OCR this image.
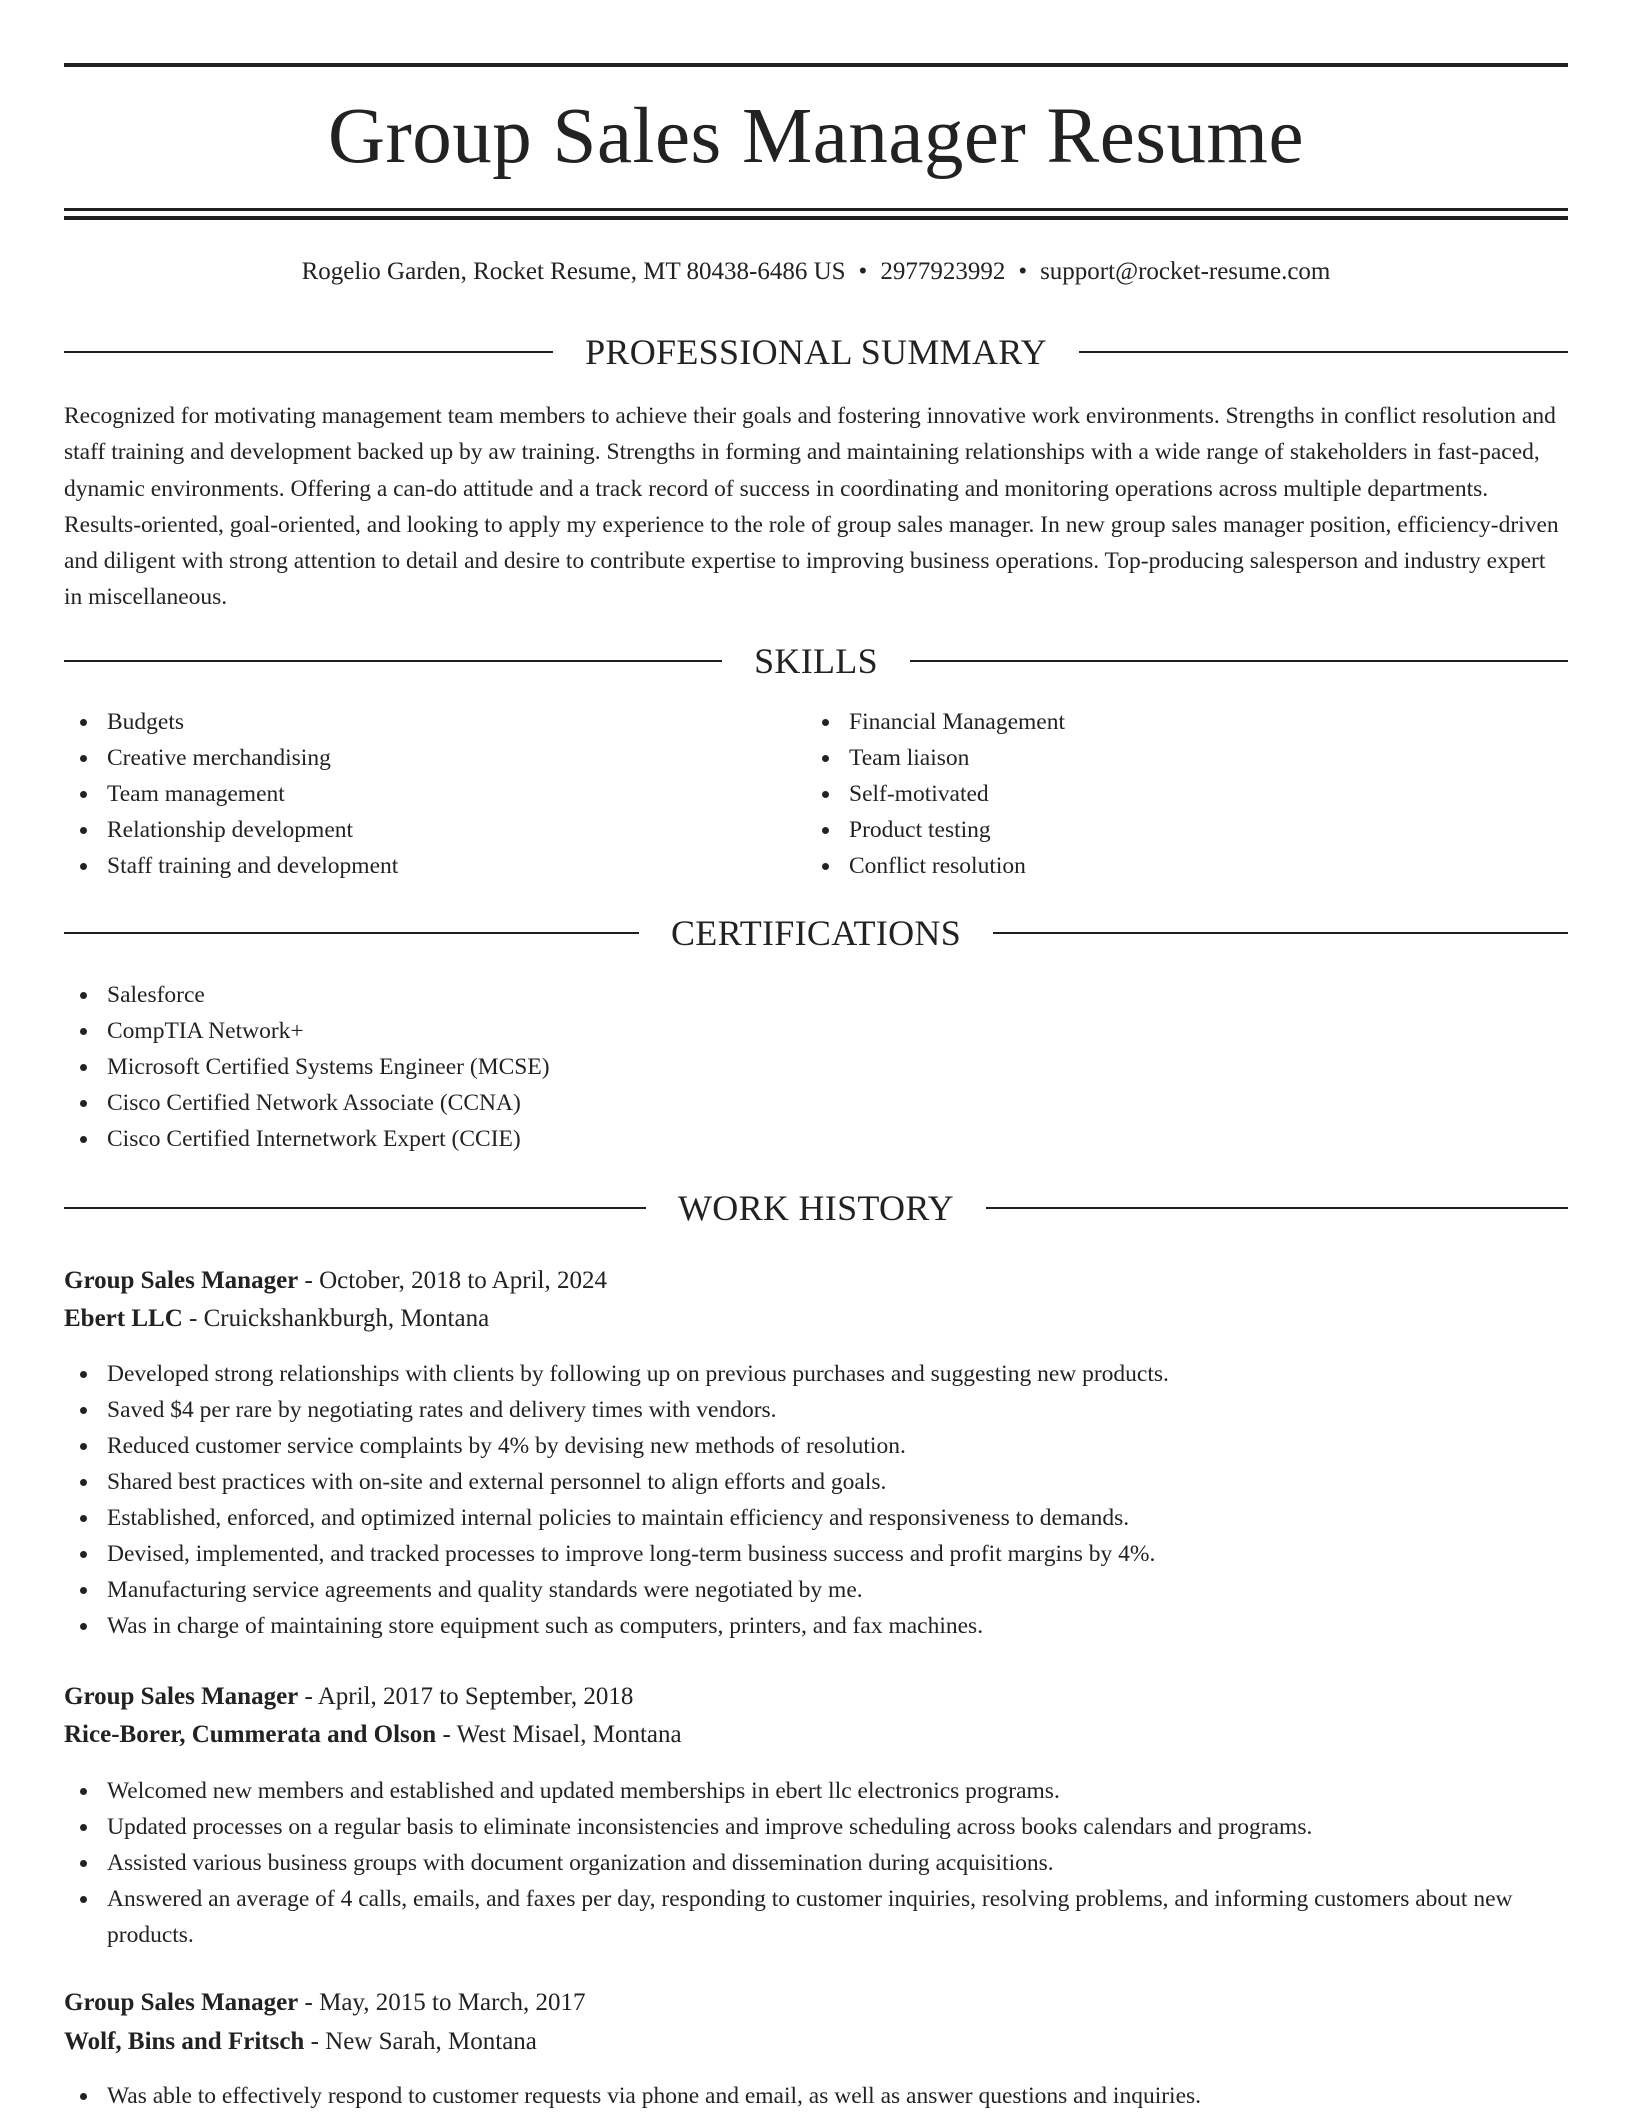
Group Sales Manager Resume
Rogelio Garden, Rocket Resume, MT 80438-6486 US • 2977923992 • support@rocket-resume.com
PROFESSIONAL SUMMARY

Recognized for motivating management team members to achieve their goals and fostering innovative work environments. Strengths in conflict resolution and staff training and development backed up by aw training. Strengths in forming and maintaining relationships with a wide range of stakeholders in fast-paced, dynamic environments. Offering a can-do attitude and a track record of success in coordinating and monitoring operations across multiple departments. Results-oriented, goal-oriented, and looking to apply my experience to the role of group sales manager. In new group sales manager position, efficiency-driven and diligent with strong attention to detail and desire to contribute expertise to improving business operations. Top-producing salesperson and industry expert in miscellaneous.

SKILLS
Budgets
Creative merchandising
Team management
Relationship development
Staff training and development
Financial Management
Team liaison
Self-motivated
Product testing
Conflict resolution
CERTIFICATIONS
Salesforce
CompTIA Network+
Microsoft Certified Systems Engineer (MCSE)
Cisco Certified Network Associate (CCNA)
Cisco Certified Internetwork Expert (CCIE)
WORK HISTORY
Group Sales Manager - October, 2018 to April, 2024
Ebert LLC - Cruickshankburgh, Montana
Developed strong relationships with clients by following up on previous purchases and suggesting new products.
Saved $4 per rare by negotiating rates and delivery times with vendors.
Reduced customer service complaints by 4% by devising new methods of resolution.
Shared best practices with on-site and external personnel to align efforts and goals.
Established, enforced, and optimized internal policies to maintain efficiency and responsiveness to demands.
Devised, implemented, and tracked processes to improve long-term business success and profit margins by 4%.
Manufacturing service agreements and quality standards were negotiated by me.
Was in charge of maintaining store equipment such as computers, printers, and fax machines.
Group Sales Manager - April, 2017 to September, 2018
Rice-Borer, Cummerata and Olson - West Misael, Montana
Welcomed new members and established and updated memberships in ebert llc electronics programs.
Updated processes on a regular basis to eliminate inconsistencies and improve scheduling across books calendars and programs.
Assisted various business groups with document organization and dissemination during acquisitions.
Answered an average of 4 calls, emails, and faxes per day, responding to customer inquiries, resolving problems, and informing customers about new products.
Group Sales Manager - May, 2015 to March, 2017
Wolf, Bins and Fritsch - New Sarah, Montana
Was able to effectively respond to customer requests via phone and email, as well as answer questions and inquiries.
